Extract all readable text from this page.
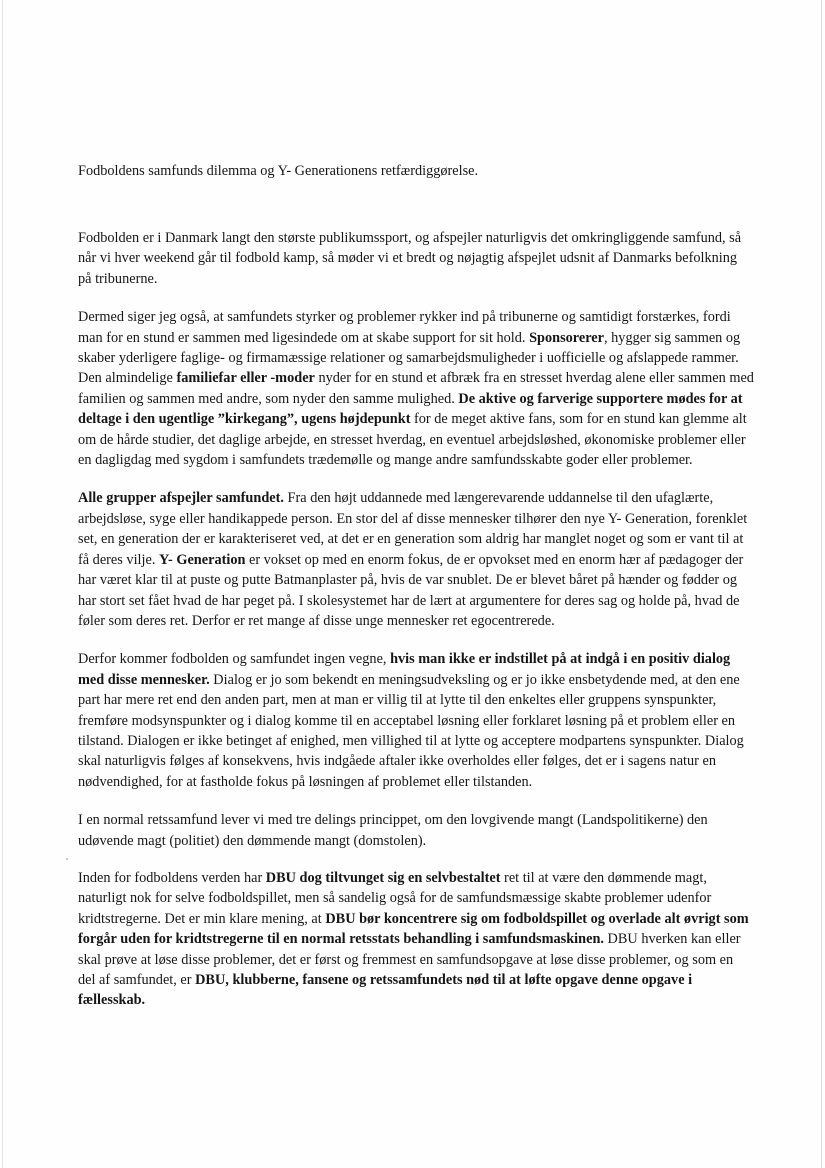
Fodboldens samfunds dilemma og Y- Generationens retfærdiggørelse.

Fodbolden er i Danmark langt den største publikumssport, og afspejler naturligvis det omkringliggende samfund, så når vi hver weekend går til fodbold kamp, så møder vi et bredt og nøjagtig afspejlet udsnit af Danmarks befolkning på tribunerne.

Dermed siger jeg også, at samfundets styrker og problemer rykker ind på tribunerne og samtidigt forstærkes, fordi man for en stund er sammen med ligesindede om at skabe support for sit hold. Sponsorerer, hygger sig sammen og skaber yderligere faglige- og firmamæssige relationer og samarbejdsmuligheder i uofficielle og afslappede rammer. Den almindelige familiefar eller -moder nyder for en stund et afbræk fra en stresset hverdag alene eller sammen med familien og sammen med andre, som nyder den samme mulighed. De aktive og farverige supportere mødes for at deltage i den ugentlige ”kirkegang”, ugens højdepunkt for de meget aktive fans, som for en stund kan glemme alt om de hårde studier, det daglige arbejde, en stresset hverdag, en eventuel arbejdsløshed, økonomiske problemer eller en dagligdag med sygdom i samfundets trædemølle og mange andre samfundsskabte goder eller problemer.

Alle grupper afspejler samfundet. Fra den højt uddannede med længerevarende uddannelse til den ufaglærte, arbejdsløse, syge eller handikappede person. En stor del af disse mennesker tilhører den nye Y- Generation, forenklet set, en generation der er karakteriseret ved, at det er en generation som aldrig har manglet noget og som er vant til at få deres vilje. Y- Generation er vokset op med en enorm fokus, de er opvokset med en enorm hær af pædagoger der har været klar til at puste og putte Batmanplaster på, hvis de var snublet. De er blevet båret på hænder og fødder og har stort set fået hvad de har peget på. I skolesystemet har de lært at argumentere for deres sag og holde på, hvad de føler som deres ret. Derfor er ret mange af disse unge mennesker ret egocentrerede.

Derfor kommer fodbolden og samfundet ingen vegne, hvis man ikke er indstillet på at indgå i en positiv dialog med disse mennesker. Dialog er jo som bekendt en meningsudveksling og er jo ikke ensbetydende med, at den ene part har mere ret end den anden part, men at man er villig til at lytte til den enkeltes eller gruppens synspunkter, fremføre modsynspunkter og i dialog komme til en acceptabel løsning eller forklaret løsning på et problem eller en tilstand. Dialogen er ikke betinget af enighed, men villighed til at lytte og acceptere modpartens synspunkter. Dialog skal naturligvis følges af konsekvens, hvis indgåede aftaler ikke overholdes eller følges, det er i sagens natur en nødvendighed, for at fastholde fokus på løsningen af problemet eller tilstanden.

I en normal retssamfund lever vi med tre delings princippet, om den lovgivende mangt (Landspolitikerne) den udøvende magt (politiet) den dømmende mangt (domstolen).

Inden for fodboldens verden har DBU dog tiltvunget sig en selvbestaltet ret til at være den dømmende magt, naturligt nok for selve fodboldspillet, men så sandelig også for de samfundsmæssige skabte problemer udenfor kridtstregerne. Det er min klare mening, at DBU bør koncentrere sig om fodboldspillet og overlade alt øvrigt som forgår uden for kridtstregerne til en normal retsstats behandling i samfundsmaskinen. DBU hverken kan eller skal prøve at løse disse problemer, det er først og fremmest en samfundsopgave at løse disse problemer, og som en del af samfundet, er DBU, klubberne, fansene og retssamfundets nød til at løfte opgave denne opgave i fællesskab.
